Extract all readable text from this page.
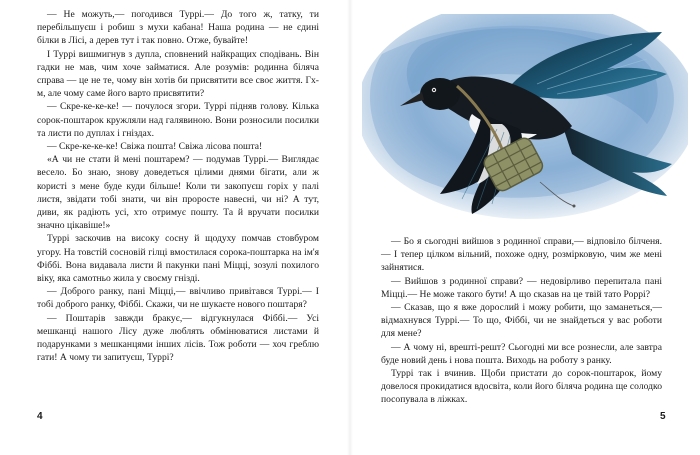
— Не можуть,— погодився Туррі.— До того ж, татку, ти перебільшуєш і робиш з мухи кабана! Наша родина — не єдині білки в Лісі, а дерев тут і так повно. Отже, бувайте!

І Туррі вишмигнув з дупла, сповнений найкращих сподівань. Він гадки не мав, чим хоче займатися. Але розумів: родинна білячa справа — це не те, чому він хотів би присвятити все своє життя. Гх-м, але чому саме його варто присвятити?

— Скре-ке-ке-ке! — почулося згори. Туррі підняв голову. Кілька сорок-поштарок кружляли над галявиною. Вони розносили посилки та листи по дуплах і гніздах.

— Скре-ке-ке-ке! Свіжа пошта! Свіжа лісова пошта!

«А чи не стати й мені поштарем? — подумав Туррі.— Виглядає весело. Бо знаю, знову доведеться цілими днями бігати, али ж користі з мене буде куди більше! Коли ти закопуєш горіх у палі листя, звідати тобі знати, чи він проросте навесні, чи ні? А тут, диви, як радіють усі, хто отримує пошту. Та й вручати посилки значно цікавіше!»

Туррі заскочив на високу сосну й щодуху помчав стовбуром угору. На товстій сосновій гілці вмостилася сорока-поштарка на ім'я Фіббі. Вона видавала листи й пакунки пані Міцці, зозулі похилого віку, яка самотньо жила у своєму гнізді.

— Доброго ранку, пані Міцці,— ввічливо привітався Туррі.— І тобі доброго ранку, Фіббі. Скажи, чи не шукаєте нового поштаря?

— Поштарів завжди бракує,— відгукнулася Фіббі.— Усі мешканці нашого Лісу дуже люблять обмінюватися листами й подарунками з мешканцями інших лісів. Тож роботи — хоч греблю гати! А чому ти запитуєш, Туррі?

4

— Бо я сьогодні вийшов з родинної справи,— відповіло білченя.— І тепер цілком вільний, похоже одну, розмірковую, чим же мені зайнятися.

— Вийшов з родинної справи? — недовірливо перепитала пані Міцці.— Не може такого бути! А що сказав на це твій тато Роррі?

— Сказав, що я вже дорослий і можу робити, що заманеться,— відмахнувся Туррі.— То що, Фіббі, чи не знайдеться у вас роботи для мене?

— А чому ні, врешті-решт? Сьогодні ми все рознесли, але завтра буде новий день і нова пошта. Виходь на роботу з ранку.

Туррі так і вчинив. Щоби пристати до сорок-поштарок, йому довелося прокидатися вдосвіта, коли його біляча родина ще солодко посопувала в ліжках.

5
